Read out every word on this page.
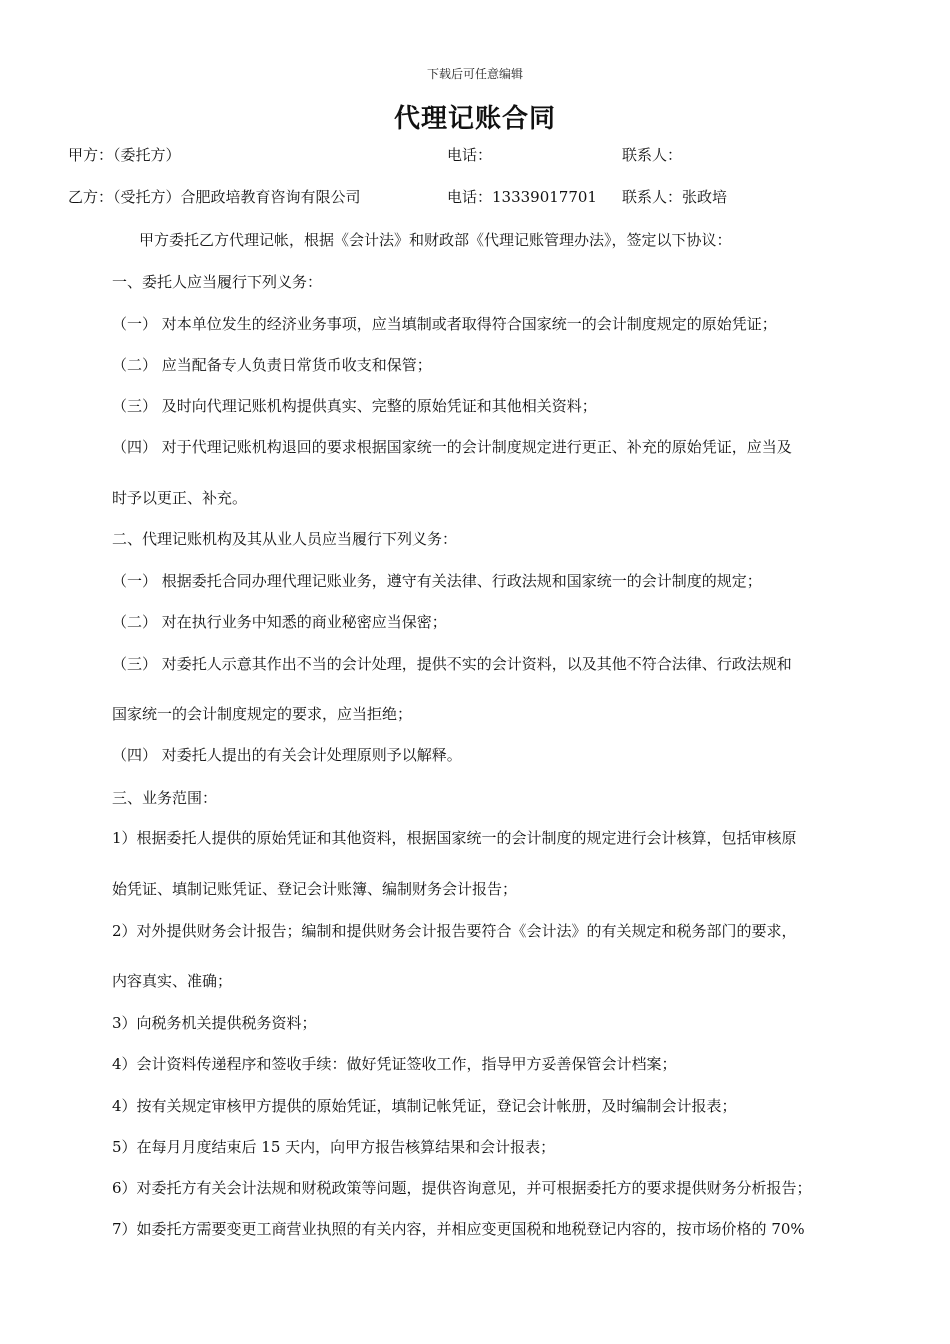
下载后可任意编辑
代理记账合同
甲方：（委托方）	电话：	联系人：
乙方：（受托方）合肥政培教育咨询有限公司	电话：13339017701 联系人：张政培
甲方委托乙方代理记帐，根据《会计法》和财政部《代理记账管理办法》，签定以下协议：
一、委托人应当履行下列义务：
（一） 对本单位发生的经济业务事项，应当填制或者取得符合国家统一的会计制度规定的原始凭证；
（二） 应当配备专人负责日常货币收支和保管；
（三） 及时向代理记账机构提供真实、完整的原始凭证和其他相关资料；
（四） 对于代理记账机构退回的要求根据国家统一的会计制度规定进行更正、补充的原始凭证，应当及
时予以更正、补充。
二、代理记账机构及其从业人员应当履行下列义务：
（一） 根据委托合同办理代理记账业务，遵守有关法律、行政法规和国家统一的会计制度的规定；
（二） 对在执行业务中知悉的商业秘密应当保密；
（三） 对委托人示意其作出不当的会计处理，提供不实的会计资料，以及其他不符合法律、行政法规和
国家统一的会计制度规定的要求，应当拒绝；
（四） 对委托人提出的有关会计处理原则予以解释。
三、业务范围：
1）根据委托人提供的原始凭证和其他资料，根据国家统一的会计制度的规定进行会计核算，包括审核原
始凭证、填制记账凭证、登记会计账簿、编制财务会计报告；
2）对外提供财务会计报告；编制和提供财务会计报告要符合《会计法》的有关规定和税务部门的要求，
内容真实、准确；
3）向税务机关提供税务资料；
4）会计资料传递程序和签收手续：做好凭证签收工作，指导甲方妥善保管会计档案；
4）按有关规定审核甲方提供的原始凭证，填制记帐凭证，登记会计帐册，及时编制会计报表；
5）在每月月度结束后 15 天内，向甲方报告核算结果和会计报表；
6）对委托方有关会计法规和财税政策等问题，提供咨询意见，并可根据委托方的要求提供财务分析报告；
7）如委托方需要变更工商营业执照的有关内容，并相应变更国税和地税登记内容的，按市场价格的 70%
